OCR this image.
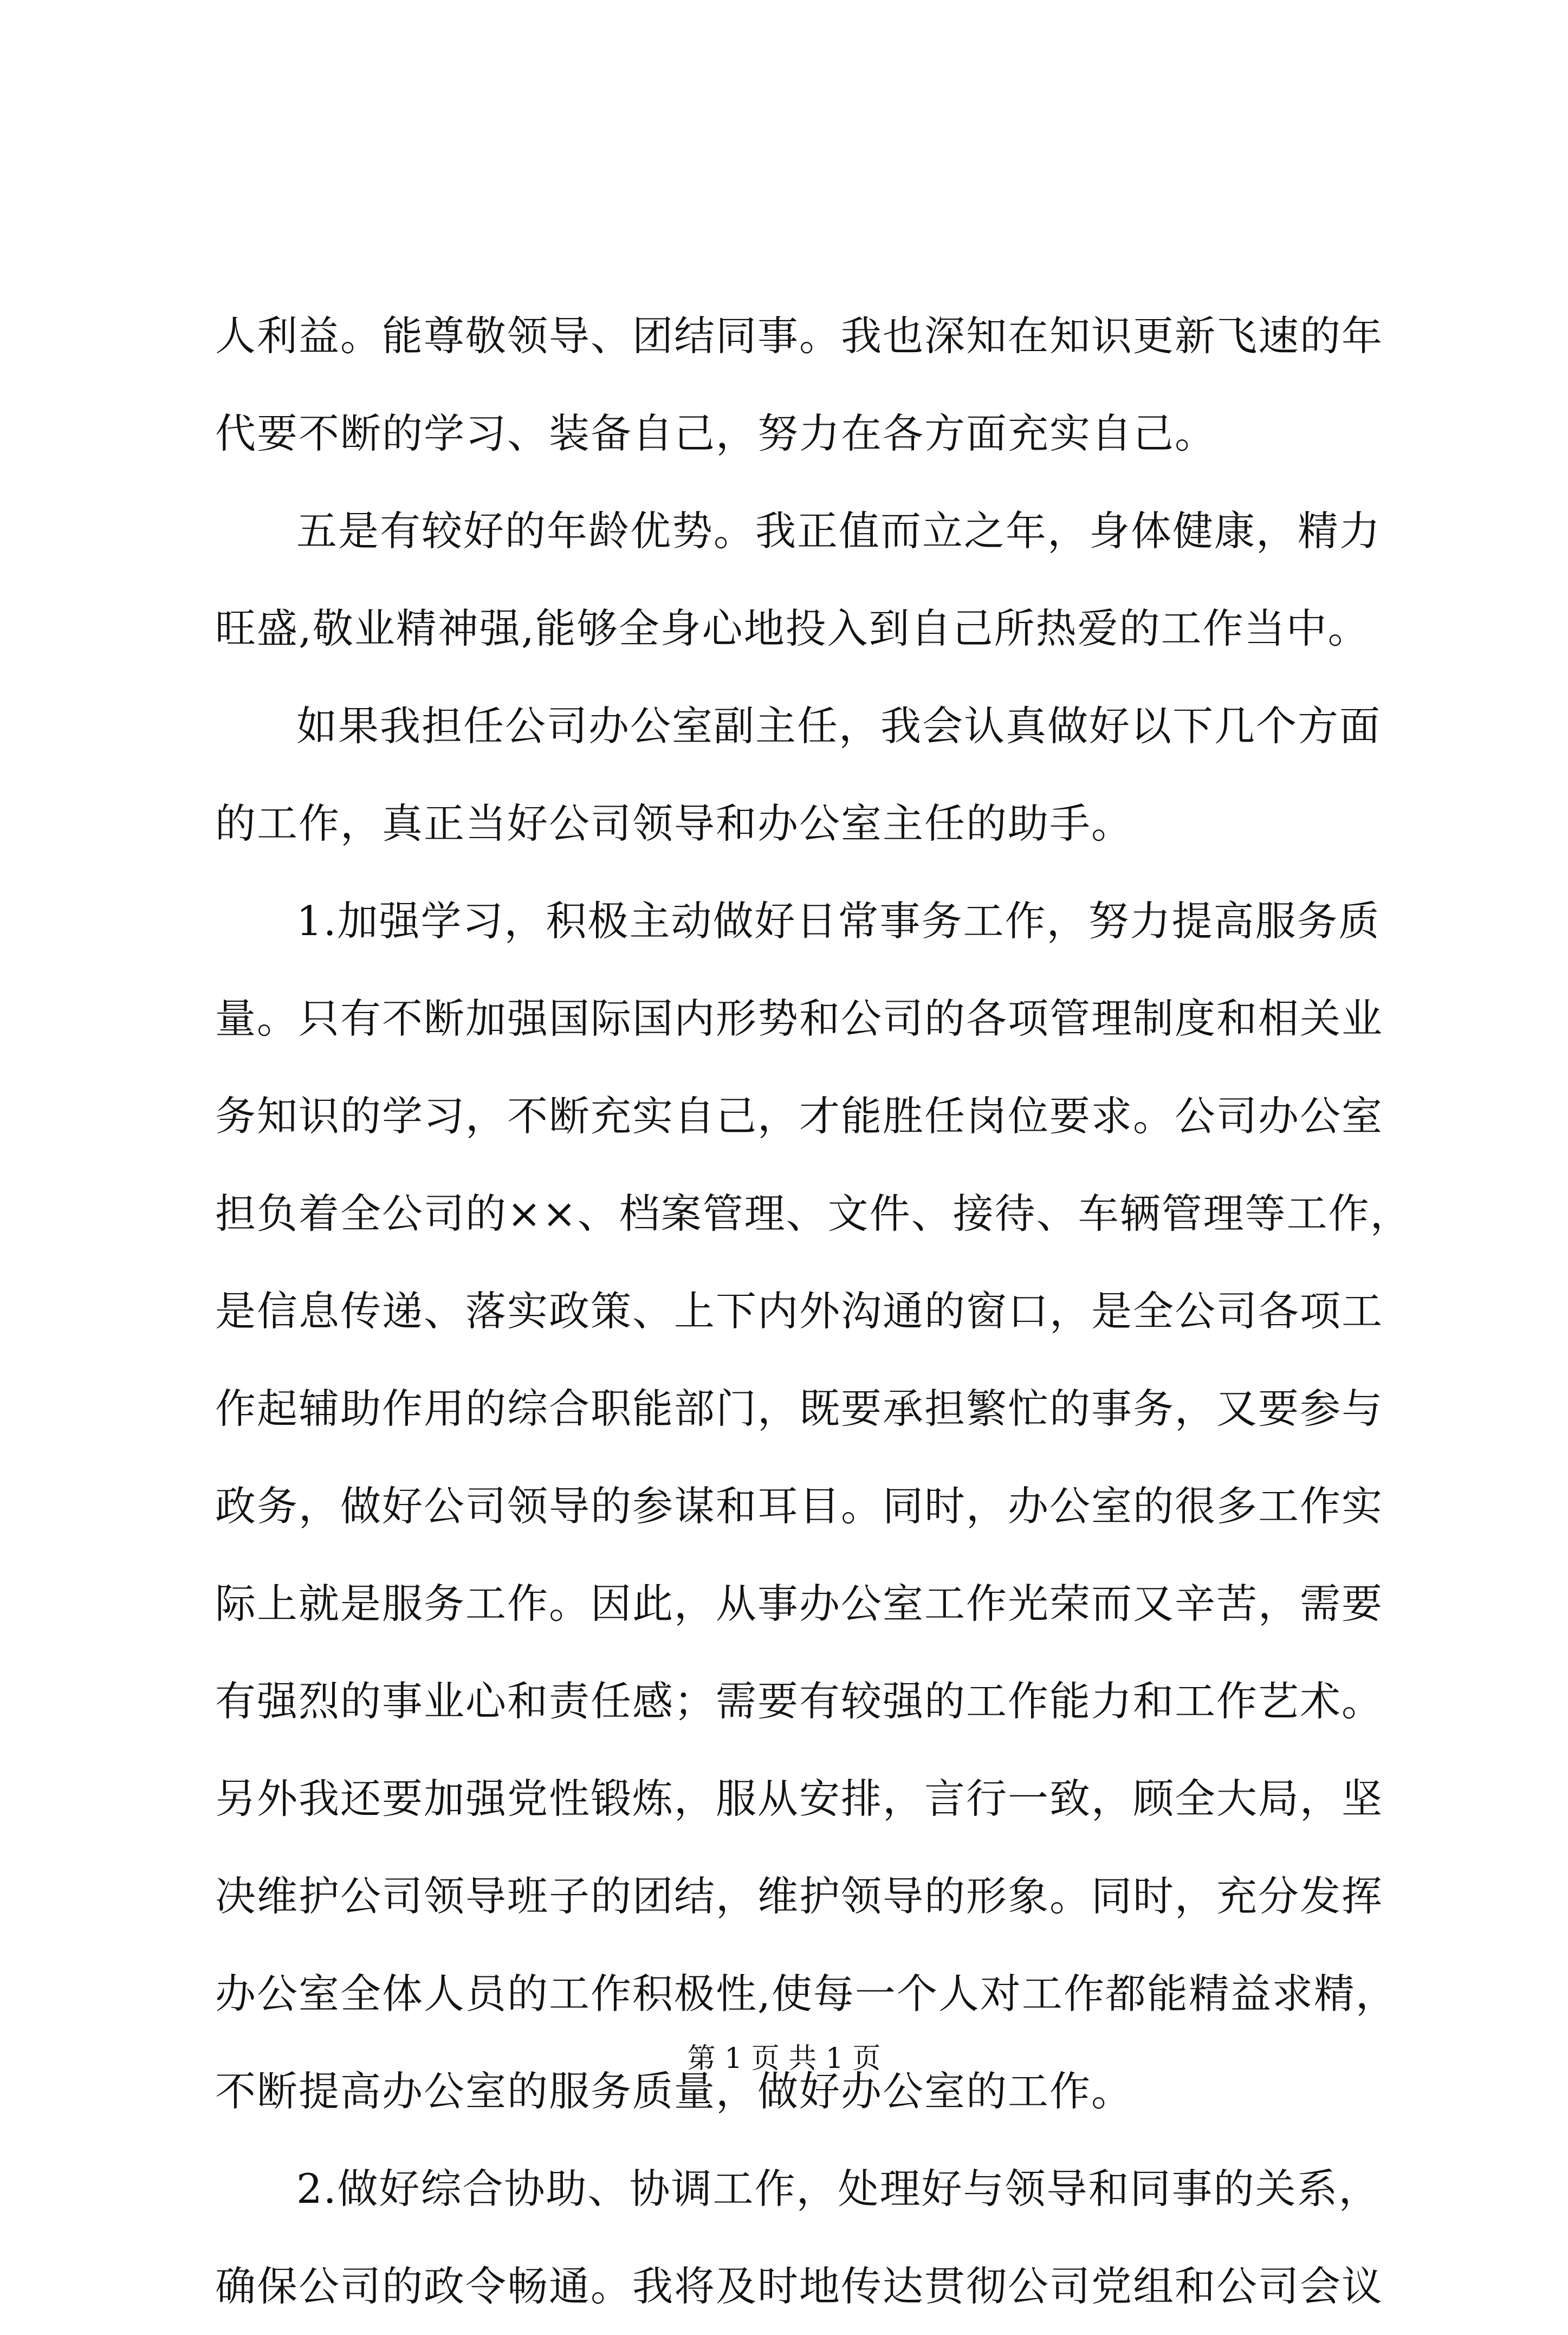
人利益。能尊敬领导、团结同事。我也深知在知识更新飞速的年
代要不断的学习、装备自己，努力在各方面充实自己。
五是有较好的年龄优势。我正值而立之年，身体健康，精力
旺盛,敬业精神强,能够全身心地投入到自己所热爱的工作当中。
如果我担任公司办公室副主任，我会认真做好以下几个方面
的工作，真正当好公司领导和办公室主任的助手。
1.加强学习，积极主动做好日常事务工作，努力提高服务质
量。只有不断加强国际国内形势和公司的各项管理制度和相关业
务知识的学习，不断充实自己，才能胜任岗位要求。公司办公室
担负着全公司的××、档案管理、文件、接待、车辆管理等工作，
是信息传递、落实政策、上下内外沟通的窗口，是全公司各项工
作起辅助作用的综合职能部门，既要承担繁忙的事务，又要参与
政务，做好公司领导的参谋和耳目。同时，办公室的很多工作实
际上就是服务工作。因此，从事办公室工作光荣而又辛苦，需要
有强烈的事业心和责任感；需要有较强的工作能力和工作艺术。
另外我还要加强党性锻炼，服从安排，言行一致，顾全大局，坚
决维护公司领导班子的团结，维护领导的形象。同时，充分发挥
办公室全体人员的工作积极性,使每一个人对工作都能精益求精，
不断提高办公室的服务质量，做好办公室的工作。
2.做好综合协助、协调工作，处理好与领导和同事的关系，
确保公司的政令畅通。我将及时地传达贯彻公司党组和公司会议
第 1 页 共 1 页
